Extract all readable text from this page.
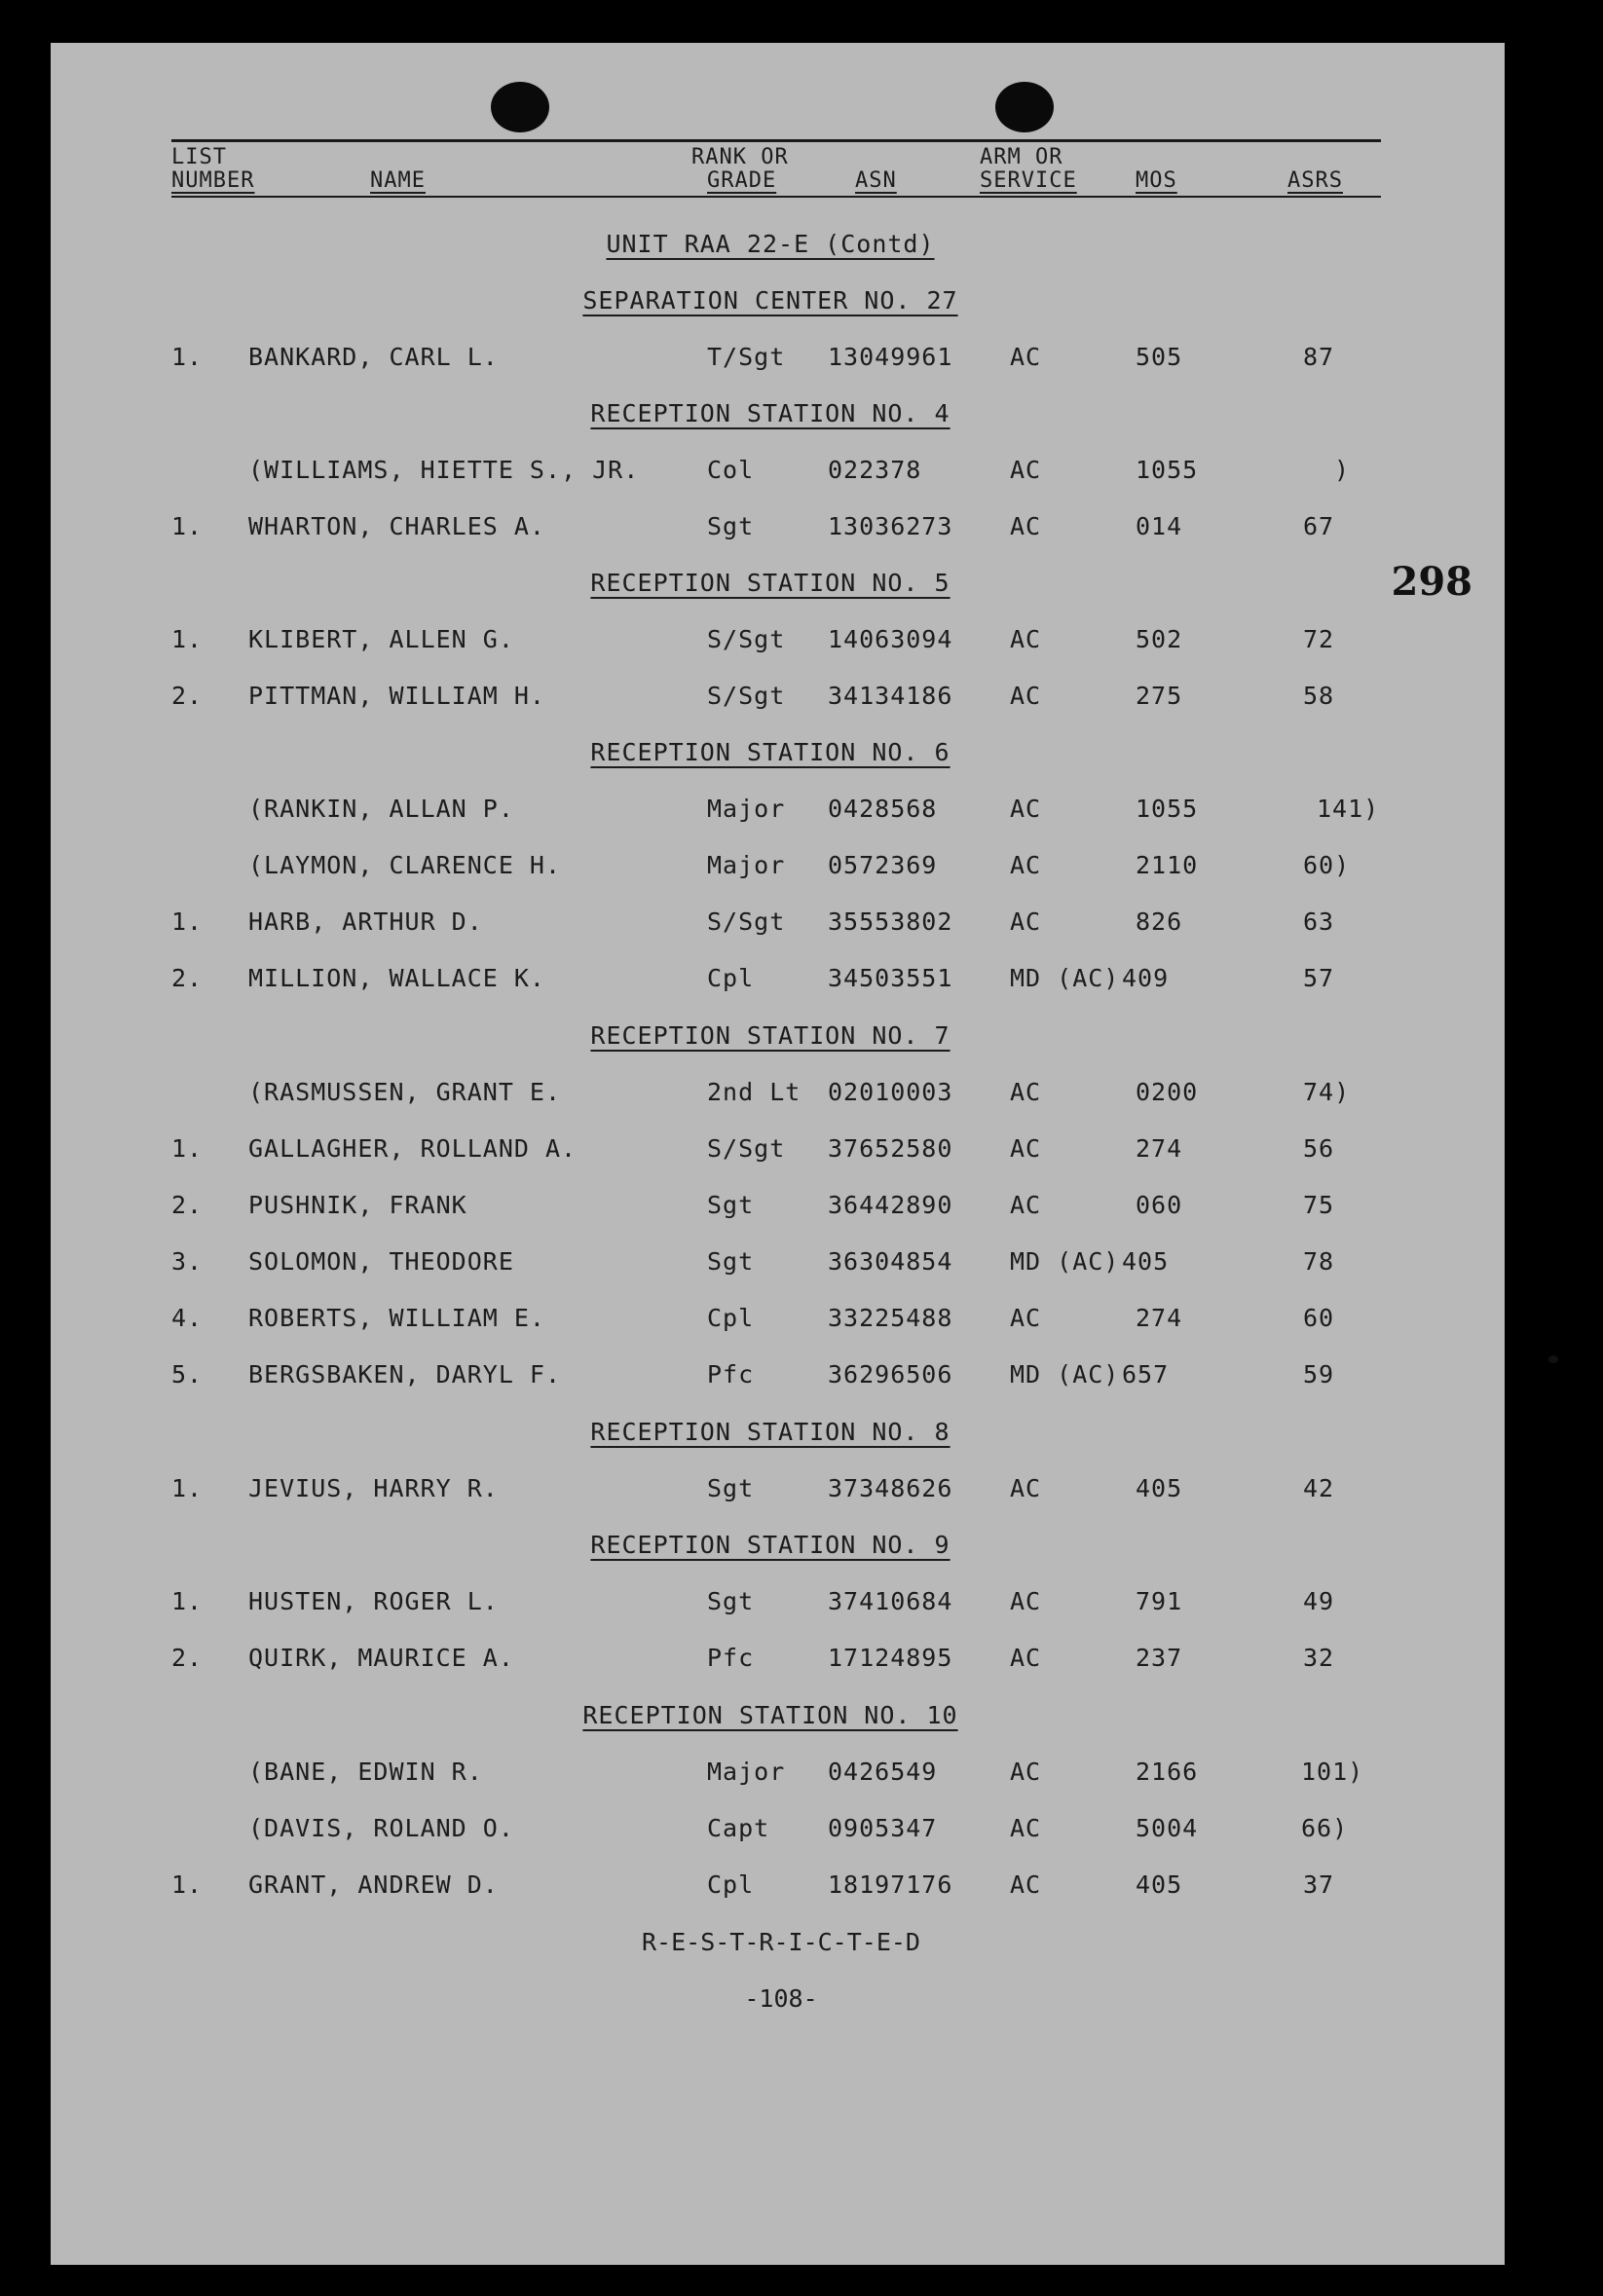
LIST
NUMBER	NAME
RANK OR
GRADE	ASN
ARM OR
SERVICE	MOS	ASRS
UNIT RAA 22-E (Contd)
298
SEPARATION CENTER NO. 27
RECEPTION STATION NO. 4
RECEPTION STATION NO. 5
RECEPTION STATION NO. 6
RECEPTION STATION NO. 7
RECEPTION STATION NO. 8
RECEPTION STATION NO. 9
RECEPTION STATION NO. 10
1. BANKARD, CARL L.	T/Sgt 13049961 AC	505	87
(WILLIAMS, HIETTE S., JR.	Col	022378	AC	1055	)
1. WHARTON, CHARLES A.	Sgt	13036273 AC	014	67
1. KLIBERT, ALLEN G.	S/Sgt 14063094 AC	502	72
2. PITTMAN, WILLIAM H.	S/Sgt 34134186 AC	275	58
(RANKIN, ALLAN P.	Major 0428568	AC	1055	141)
(LAYMON, CLARENCE H.	Major 0572369	AC	2110	60)
1. HARB, ARTHUR D.	S/Sgt 35553802 AC	826	63
2. MILLION, WALLACE K.	Cpl	34503551 MD (AC) 409	57
(RASMUSSEN, GRANT E.	2nd Lt 02010003 AC	0200	74)
1. GALLAGHER, ROLLAND A.	S/Sgt 37652580 AC	274	56
2. PUSHNIK, FRANK	Sgt	36442890 AC	060	75
3. SOLOMON, THEODORE	Sgt	36304854 MD (AC) 405	78
4. ROBERTS, WILLIAM E.	Cpl	33225488 AC	274	60
5. BERGSBAKEN, DARYL F.	Pfc	36296506 MD (AC) 657	59
1. JEVIUS, HARRY R.	Sgt	37348626 AC	405	42
1. HUSTEN, ROGER L.	Sgt	37410684 AC	791	49
2. QUIRK, MAURICE A.	Pfc	17124895 AC	237	32
(BANE, EDWIN R.	Major 0426549	AC	2166	101)
(DAVIS, ROLAND O.	Capt 0905347	AC	5004	66)
1. GRANT, ANDREW D.	Cpl	18197176 AC	405	37
R-E-S-T-R-I-C-T-E-D
-108-
